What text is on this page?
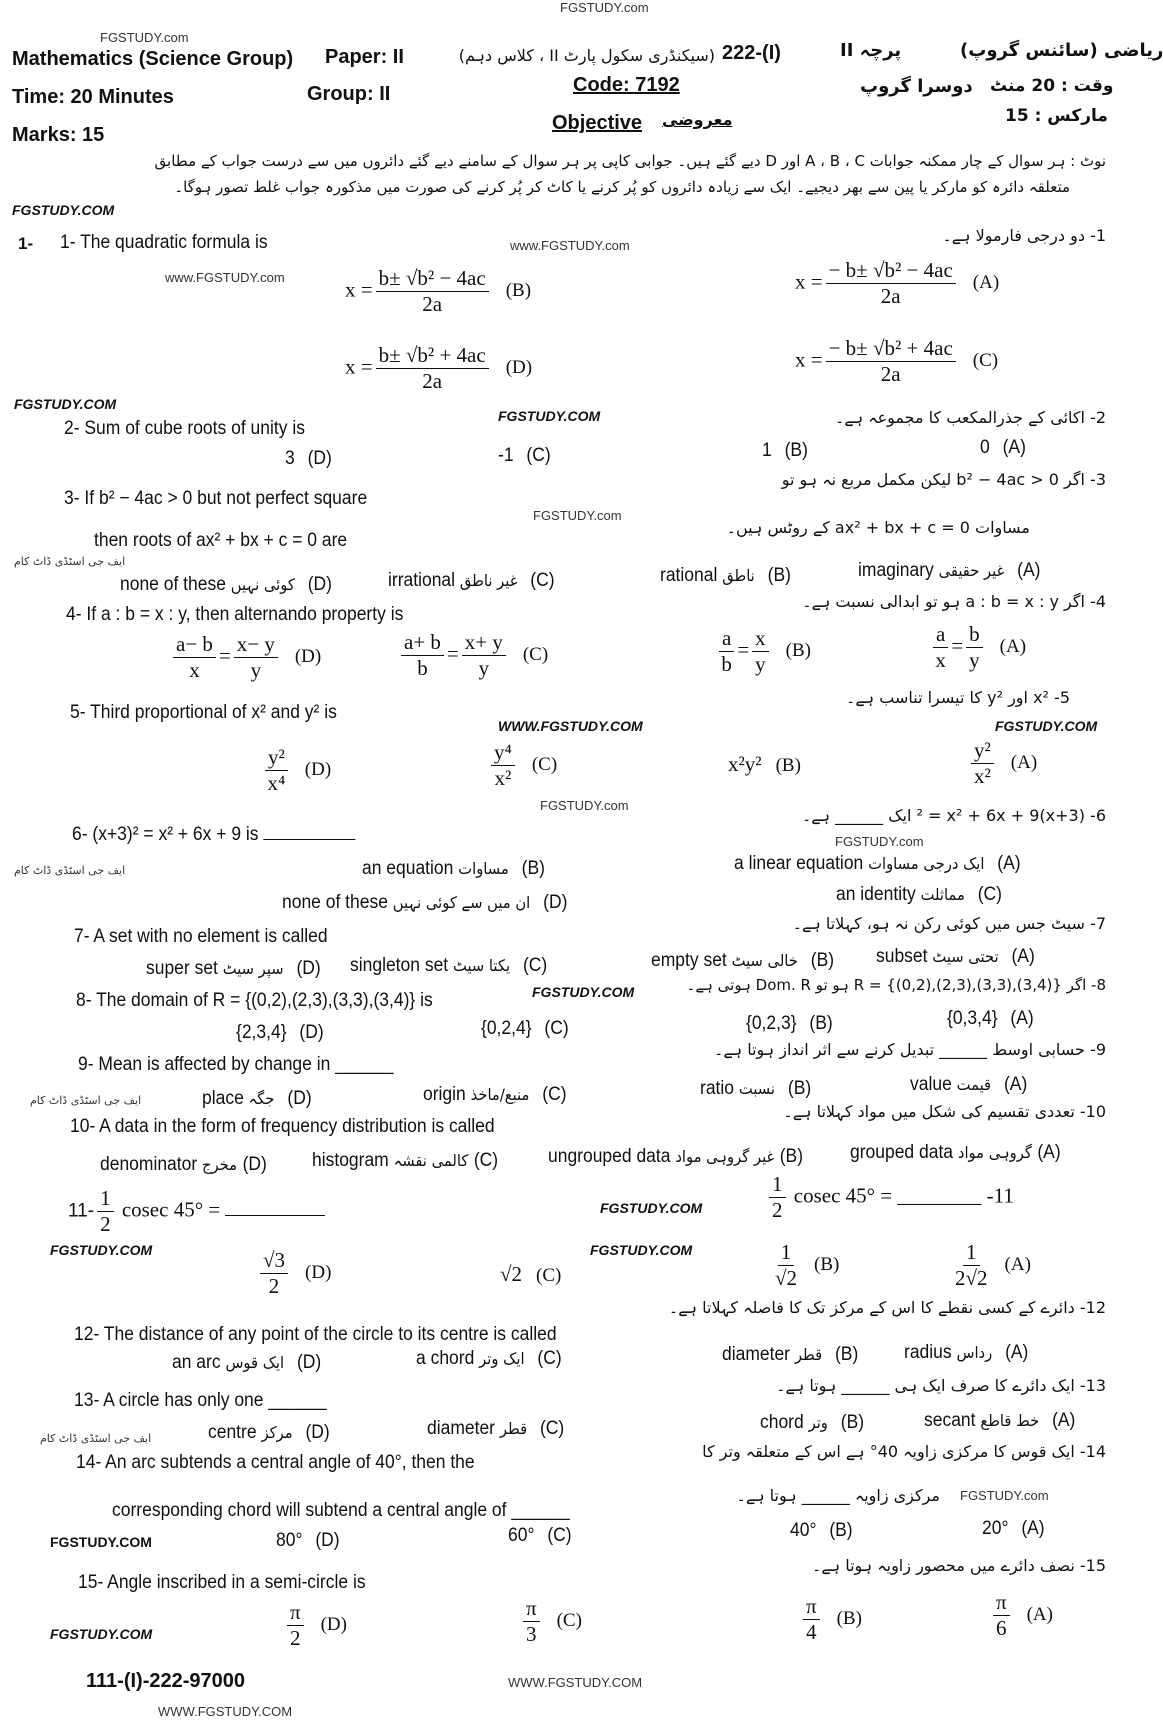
FGSTUDY.com
FGSTUDY.com
Mathematics (Science Group) Paper: II
Time: 20 Minutes	Group: II
Marks: 15
(سیکنڈری سکول پارٹ II ، کلاس دہم) 222-(I)
Code: 7192
Objective معروضی
ریاضی (سائنس گروپ)
پرچہ II
دوسرا گروپ وقت : 20 منٹ
مارکس : 15
نوٹ : ہر سوال کے چار ممکنہ جوابات A ، B ، C اور D دیے گئے ہیں۔ جوابی کاپی پر ہر سوال کے سامنے دیے گئے دائروں میں سے درست جواب کے مطابق
متعلقہ دائرہ کو مارکر یا پین سے بھر دیجیے۔ ایک سے زیادہ دائروں کو پُر کرنے یا کاٹ کر پُر کرنے کی صورت میں مذکورہ جواب غلط تصور ہوگا۔
FGSTUDY.COM
1- 1- The quadratic formula is	www.FGSTUDY.com
www.FGSTUDY.com
1- دو درجی فارمولا ہے۔
$x = \frac{\text{b± √b² − 4ac}}{2a} (B)$
$x = \frac{\text{b± √b² + 4ac}}{2a} (D)$
$x = \frac{\text{− b± √b² − 4ac}}{2a} (A)$
$x = \frac{\text{− b± √b² + 4ac}}{2a} (C)$
FGSTUDY.COM
FGSTUDY.COM
2- Sum of cube roots of unity is
2- اکائی کے جذرالمکعب کا مجموعہ ہے۔
3 (D)	-1 (C)	1 (B)	0 (A)
FGSTUDY.com
3- If b² − 4ac > 0 but not perfect square
then roots of ax² + bx + c = 0 are
3- اگر b² − 4ac > 0 لیکن مکمل مربع نہ ہو تو
مساوات ax² + bx + c = 0 کے روٹس ہیں۔
ایف جی اسٹڈی ڈاٹ کام
none of these کوئی نہیں (D)	irrational غیر ناطق (C)	rational ناطق (B)	imaginary غیر حقیقی (A)
4- If a : b = x : y, then alternando property is
4- اگر a : b = x : y ہو تو ابدالی نسبت ہے۔
$\frac{a- b}{x} = \frac{x- y}{y} (D)$	$\frac{a+ b}{b} = \frac{x+ y}{y} (C)$	$\frac{a}{b} = \frac{x}{y} (B)$	$\frac{a}{x} = \frac{b}{y} (A)$
WWW.FGSTUDY.COM	FGSTUDY.COM
5- Third proportional of x² and y² is
5- x² اور y² کا تیسرا تناسب ہے۔
$\frac{\text{y²}}{\text{x⁴}} (D)$	$\frac{\text{y⁴}}{\text{x²}} (C)$	x²y² (B)	$\frac{\text{y²}}{\text{x²}} (A)$
FGSTUDY.com
6- (x+3)² = x² + 6x + 9 is
6- (x+3)² = x² + 6x + 9 ایک ______ ہے۔
FGSTUDY.com
ایف جی اسٹڈی ڈاٹ کام	an equation مساوات (B)	a linear equation ایک درجی مساوات (A)
none of these ان میں سے کوئی نہیں (D)	an identity مماثلت (C)
7- A set with no element is called
7- سیٹ جس میں کوئی رکن نہ ہو، کہلاتا ہے۔
super set سپر سیٹ (D) singleton set یکتا سیٹ (C)	empty set خالی سیٹ (B) subset تحتی سیٹ (A)
FGSTUDY.COM
8- The domain of R = {(0,2),(2,3),(3,3),(3,4)} is
8- اگر R = {(0,2),(2,3),(3,3),(3,4)} ہو تو Dom. R ہوتی ہے۔
{2,3,4} (D)	{0,2,4} (C)	{0,2,3} (B)	{0,3,4} (A)
9- Mean is affected by change in ______
9- حسابی اوسط ______ تبدیل کرنے سے اثر انداز ہوتا ہے۔
ایف جی اسٹڈی ڈاٹ کام	place جگہ (D)	origin منبع/ماخذ (C)	ratio نسبت (B)	value قیمت (A)
10- A data in the form of frequency distribution is called
10- تعددی تقسیم کی شکل میں مواد کہلاتا ہے۔
denominator مخرج (D) histogram کالمی نقشہ (C)	ungrouped data غیر گروہی مواد (B) grouped data گروہی مواد (A)
$11- \frac{1}{2}$ cosec 45° =	$\frac{1}{2}$ cosec 45° = ________ -11
FGSTUDY.COM	FGSTUDY.COM
FGSTUDY.COM
$\frac{√3}{2} (D)$	√2 (C)	$\frac{1}{√2} (B)$	$\frac{1}{2√2} (A)$
12- The distance of any point of the circle to its centre is called
12- دائرے کے کسی نقطے کا اس کے مرکز تک کا فاصلہ کہلاتا ہے۔
an arc ایک قوس (D)	a chord ایک وتر (C)	diameter قطر (B) radius رداس (A)
13- A circle has only one ______
13- ایک دائرے کا صرف ایک ہی ______ ہوتا ہے۔
ایف جی اسٹڈی ڈاٹ کام	centre مرکز (D)	diameter قطر (C)	chord وتر (B)	secant خط قاطع (A)
14- An arc subtends a central angle of 40°, then the
corresponding chord will subtend a central angle of ______
14- ایک قوس کا مرکزی زاویہ 40° ہے اس کے متعلقہ وتر کا
مرکزی زاویہ ______ ہوتا ہے۔ FGSTUDY.com
FGSTUDY.COM	80° (D)	60° (C)	40° (B)	20° (A)
15- Angle inscribed in a semi-circle is
15- نصف دائرے میں محصور زاویہ ہوتا ہے۔
FGSTUDY.COM	$\frac{\pi}{2} (D)$	$\frac{\pi}{3} (C)$	$\frac{\pi}{4} (B)$	$\frac{\pi}{6} (A)$
111-(I)-222-97000	WWW.FGSTUDY.COM
WWW.FGSTUDY.COM
